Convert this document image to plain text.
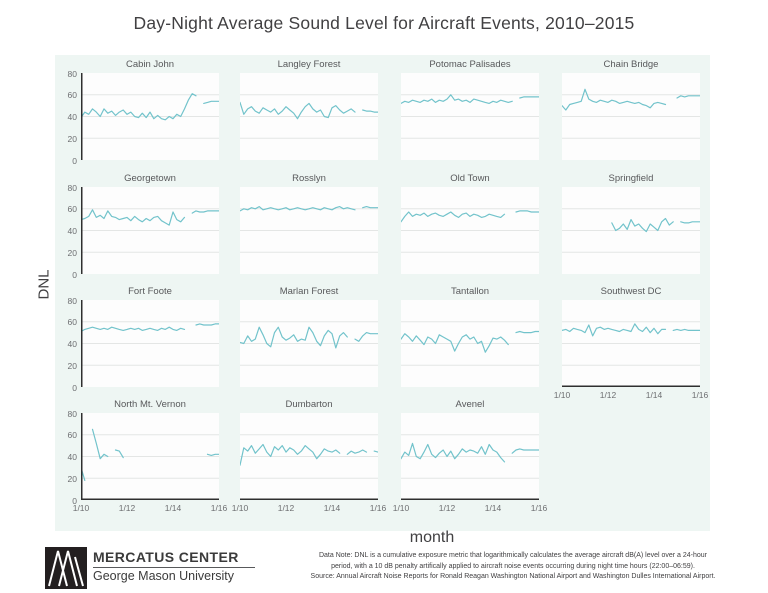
Day-Night Average Sound Level for Aircraft Events, 2010–2015
Cabin John
80
60
40
20
0
Langley Forest	Potomac Palisades	Chain Bridge
Georgetown
80
60
40
20
0
Rosslyn	Old Town	Springfield
Fort Foote
80
60
40
20
0
Marlan Forest	Tantallon	Southwest DC
1/10	1/12	1/14	1/16
North Mt. Vernon
80
60
40
20
0
1/10	1/12	1/14	1/16
Dumbarton
1/10	1/12	1/14	1/16
Avenel
1/10	1/12	1/14	1/16
DNL
month
MERCATUS CENTER
George Mason University
Data Note: DNL is a cumulative exposure metric that logarithmically calculates the average aircraft dB(A) level over a 24-hour
period, with a 10 dB penalty artifically applied to aircraft noise events occurring during night time hours (22:00–06:59).
Source: Annual Aircraft Noise Reports for Ronald Reagan Washington National Airport and Washington Dulles International Airport.
